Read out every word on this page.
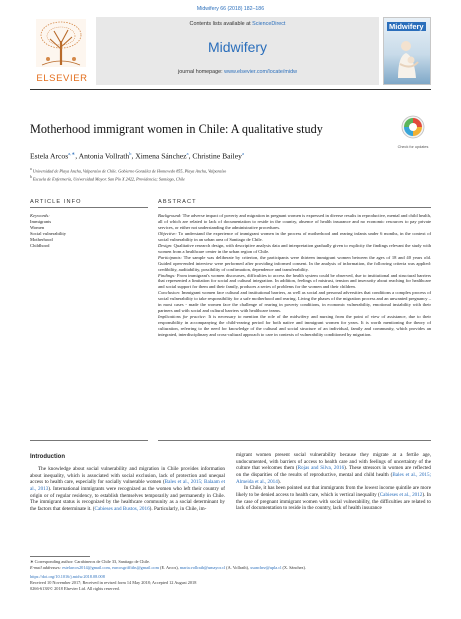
Midwifery 66 (2018) 182–186
ELSEVIER
Contents lists available at ScienceDirect
Midwifery
journal homepage: www.elsevier.com/locate/midw
Midwifery
Motherhood immigrant women in Chile: A qualitative study
Check for updates
Estela Arcos$^{a,∗}$, Antonia Vollrath$^b$, Ximena Sánchez$^a$, Christine Bailey$^a$
$^a$ Universidad de Playa Ancha, Valparaíso de Chile. Gobierno González de Hontevedo 855, Playa Ancha, Valparaíso
$^b$ Escuela de Enfermería, Universidad Mayor. San Pío X 2422, Providencia; Santiago, Chile
ARTICLE INFO	ABSTRACT
Keywords:
Immigrants
Women
Social vulnerability
Motherhood
Childhood

Background: The adverse impact of poverty and migration in pregnant women is expressed in diverse results in reproductive, mental and child health, all of which are related to lack of documentation to reside in the country, absence of health insurance and no economic resources to pay private services, or either not understanding the administrative procedures.

Objective: To understand the experience of immigrant women in the process of motherhood and rearing infants under 6 months, in the context of social vulnerability in an urban area of Santiago de Chile.

Design: Qualitative research design, with descriptive analysis data and interpretation gradually given to explicity the findings relevant the study with women from a healthcare center in the urban region of Chile.

Participants: The sample was deliberate by criterion, the participants were thirteen immigrant women between the ages of 18 and 40 years old. Guided open-ended interview were performed after providing informed consent. In the analysis of information, the following criteria was applied: credibility, auditability, possibility of confirmation, dependence and transferability.

Findings: From immigrant's women discourses, difficulties to access the health system could be observed, due to institutional and structural barriers that represented a limitation for social and cultural integration. In addition, feelings of mistrust, tension and insecurity about reaching for healthcare and social support for them and their family, produces a series of problems for the women and their children.

Conclusion: Immigrant women face cultural and institutional barriers, as well as social and personal adversities that conditions a complex process of social vulnerability to take responsibility for a safe motherhood and rearing. Living the phases of the migration process and an unwanted pregnancy – in most cases - made the women face the challenge of rearing in poverty conditions, in economic vulnerability, emotional instability with their partners and with social and cultural barriers with healthcare teams.

Implications for practice: It is necessary to mention the role of the midwifery and nursing from the point of view of assistance, due to their responsibility in accompanying the child-rearing period for both native and immigrant women for years. It is worth mentioning the theory of culturation, referring to the need for knowledge of the cultural and social structure of an individual, family and community, which provides an integrated, interdisciplinary and cross-cultural approach to care in contexts of vulnerability conditioned by migration.

Introduction

The knowledge about social vulnerability and migration in Chile provides information about inequality, which is associated with social exclusion, lack of protection and unequal access to health care, especially for socially vulnerable women (Bales et al., 2015; Balaam et al., 2013). International immigrants were recognized as the women who left their country of origin or of regular residency, to establish themselves temporarily and permanently in Chile. The immigrant status is recognized by the healthcare community as a social determinant by the factors that determinate it. (Cabieses and Bustos, 2016). Particularly, in Chile, im-

migrant women present social vulnerability because they migrate at a fertile age, undocumented, with barriers of access to health care and with feelings of uncertainty of the culture that welcomes them (Rojas and Silva, 2016). These stressors in women are reflected on the disparities of the results of reproductive, mental and child health (Bales et al., 2015; Almeida et al., 2014).

In Chile, it has been pointed out that immigrants from the lowest income quintile are more likely to be denied access to health care, which is vertical inequality (Cabieses et al., 2012). In the case of pregnant immigrant women with social vulnerability, the difficulties are related to lack of documentation to reside in the country, lack of health insurance

∗ Corresponding author: Carabineros de Chile 33, Santiago de Chile.
E-mail addresses: estelarcos2014@gmail.com, earcosgriffiths@gmail.com (E. Arcos), maria.vollrath@umayor.cl (A. Vollrath), xsanchez@upla.cl (X. Sánchez).
https://doi.org/10.1016/j.midw.2018.08.008
Received 10 November 2017; Received in revised form 14 May 2018; Accepted 12 August 2018
0266-6138/© 2018 Elsevier Ltd. All rights reserved.
